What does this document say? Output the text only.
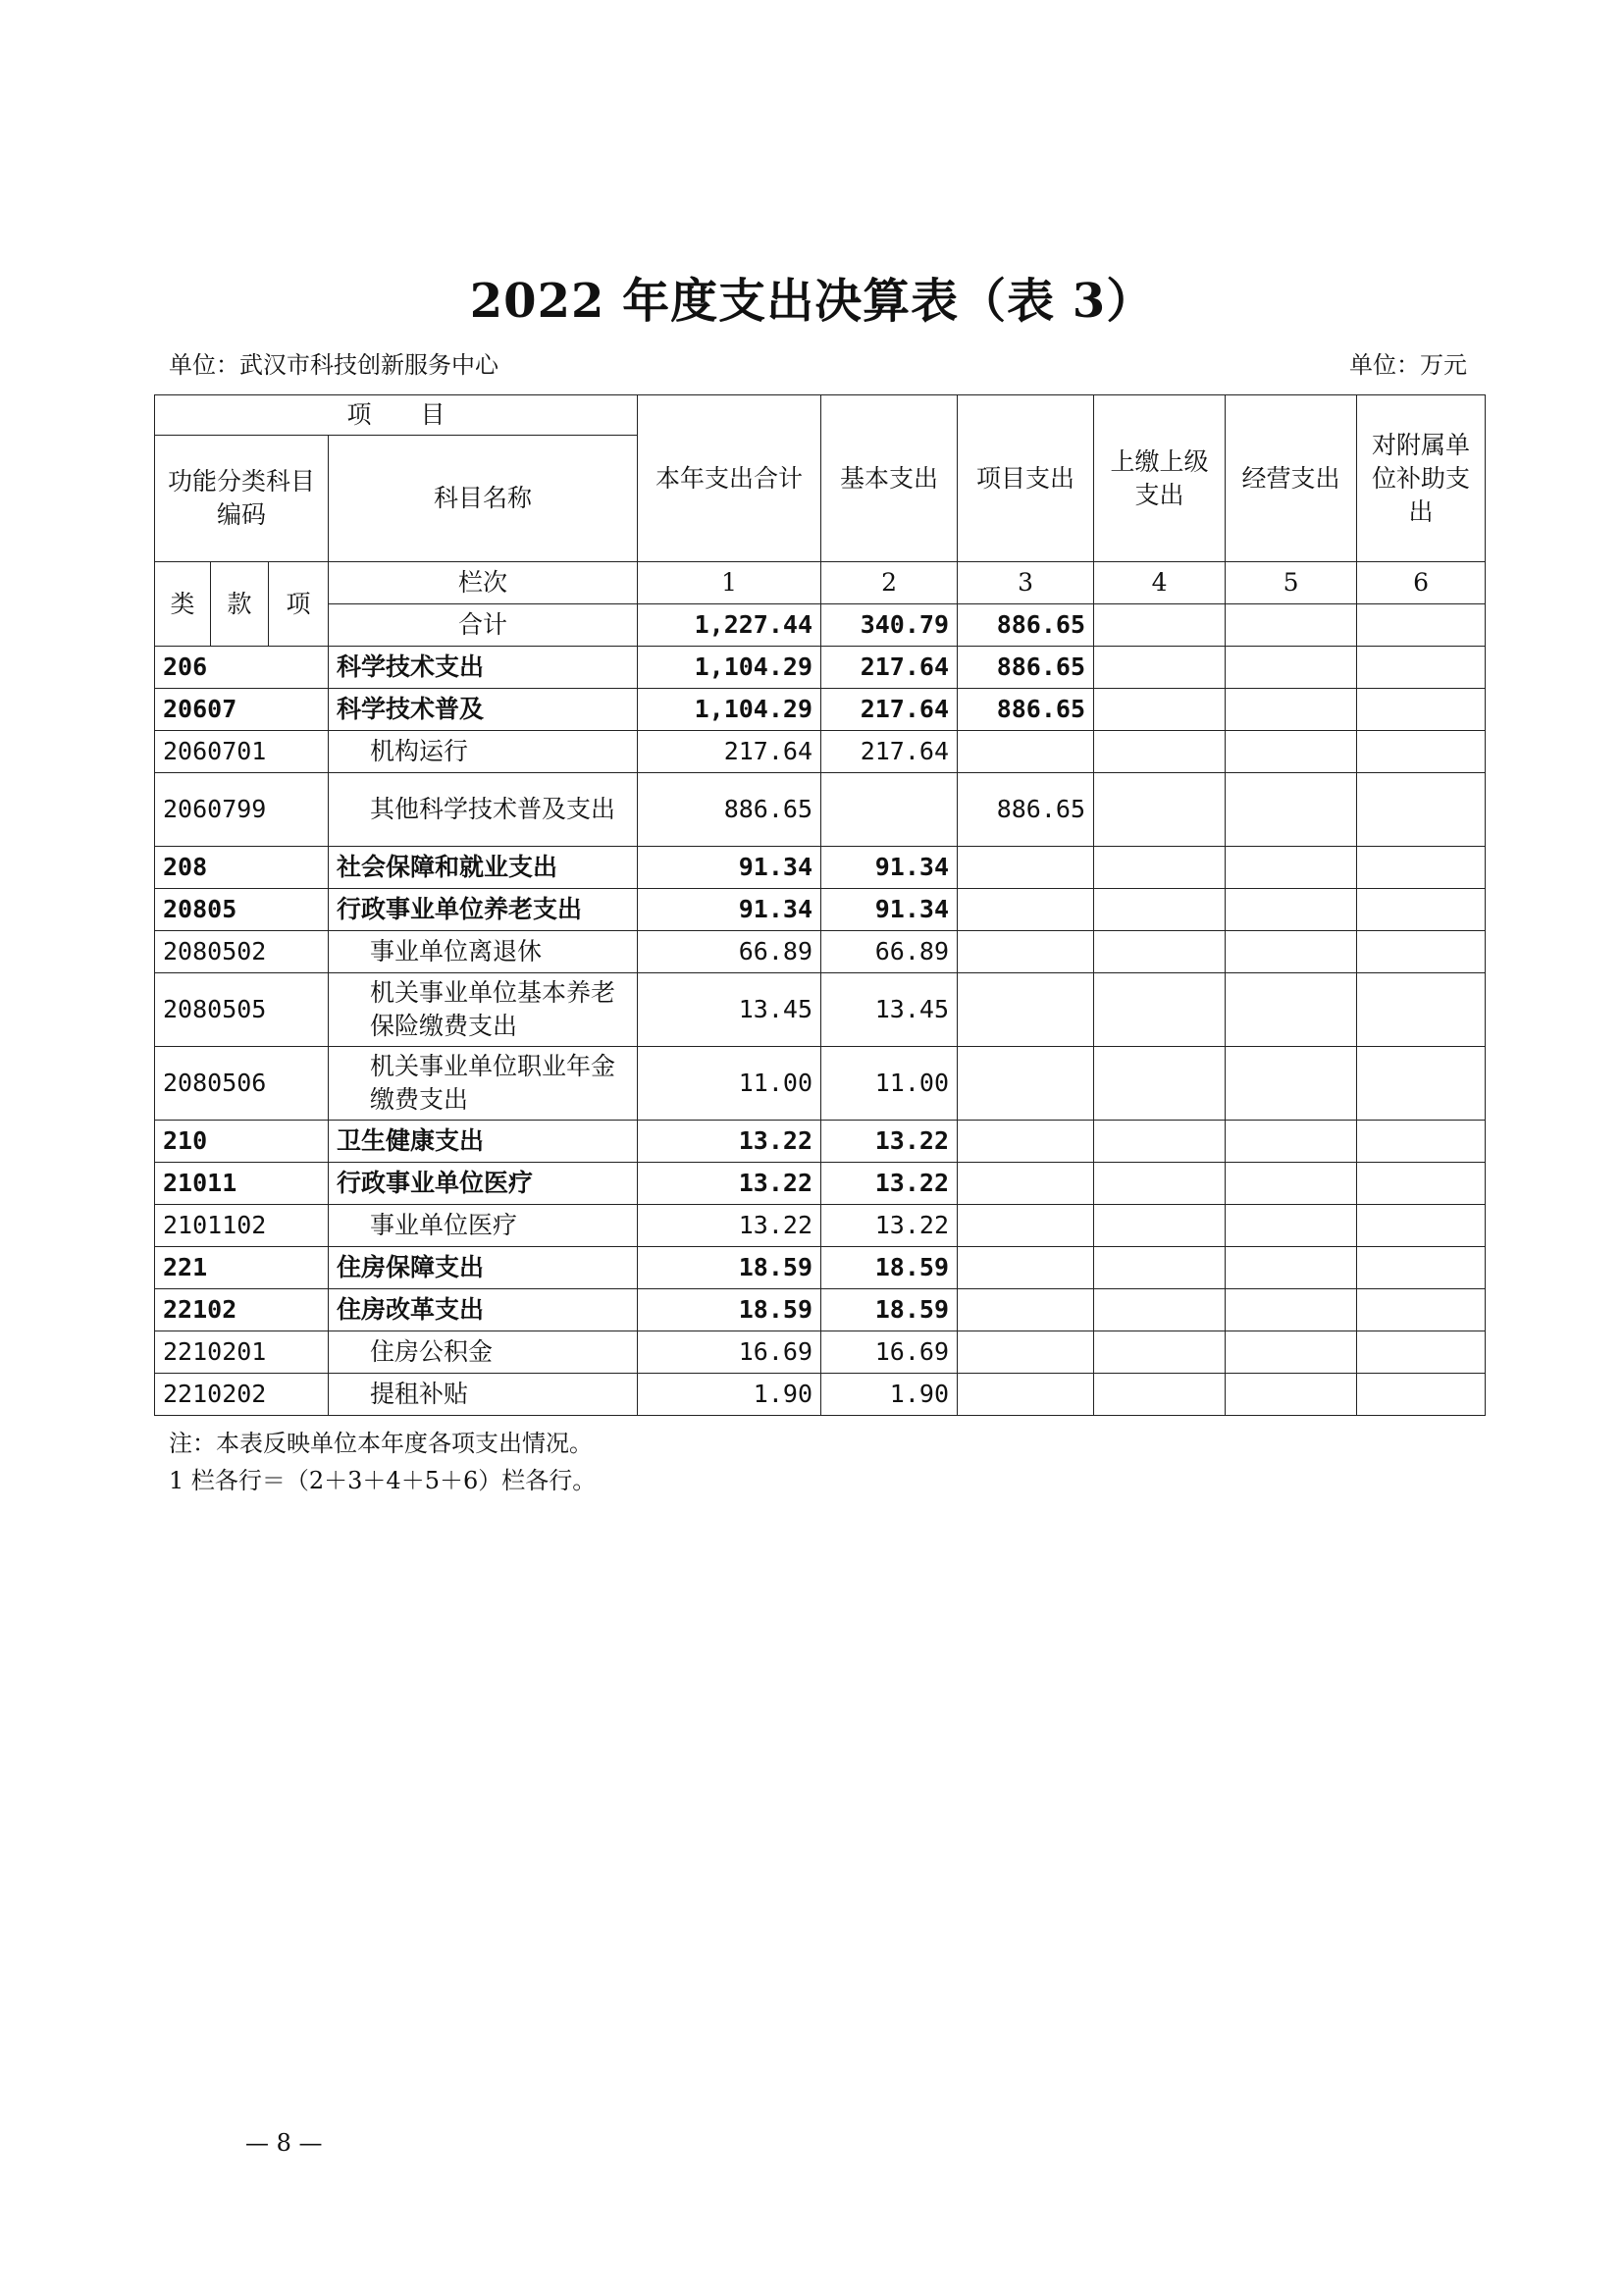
2022 年度支出决算表（表 3）
单位：武汉市科技创新服务中心	单位：万元
项　　目				本年支出合计	基本支出	项目支出	上缴上级支出	经营支出	对附属单位补助支出
功能分类科目编码			科目名称						
类	款	项	栏次	1	2	3	4	5	6
			合计	1,227.44	340.79	886.65			
206			科学技术支出	1,104.29	217.64	886.65			
20607			科学技术普及	1,104.29	217.64	886.65			
2060701			机构运行	217.64	217.64				
2060799			其他科学技术普及支出	886.65		886.65			
208			社会保障和就业支出	91.34	91.34				
20805			行政事业单位养老支出	91.34	91.34				
2080502			事业单位离退休	66.89	66.89				
2080505			机关事业单位基本养老保险缴费支出	13.45	13.45				
2080506			机关事业单位职业年金缴费支出	11.00	11.00				
210			卫生健康支出	13.22	13.22				
21011			行政事业单位医疗	13.22	13.22				
2101102			事业单位医疗	13.22	13.22				
221			住房保障支出	18.59	18.59				
22102			住房改革支出	18.59	18.59				
2210201			住房公积金	16.69	16.69				
2210202			提租补贴	1.90	1.90				
注：本表反映单位本年度各项支出情况。
1 栏各行＝（2＋3＋4＋5＋6）栏各行。
— 8 —
